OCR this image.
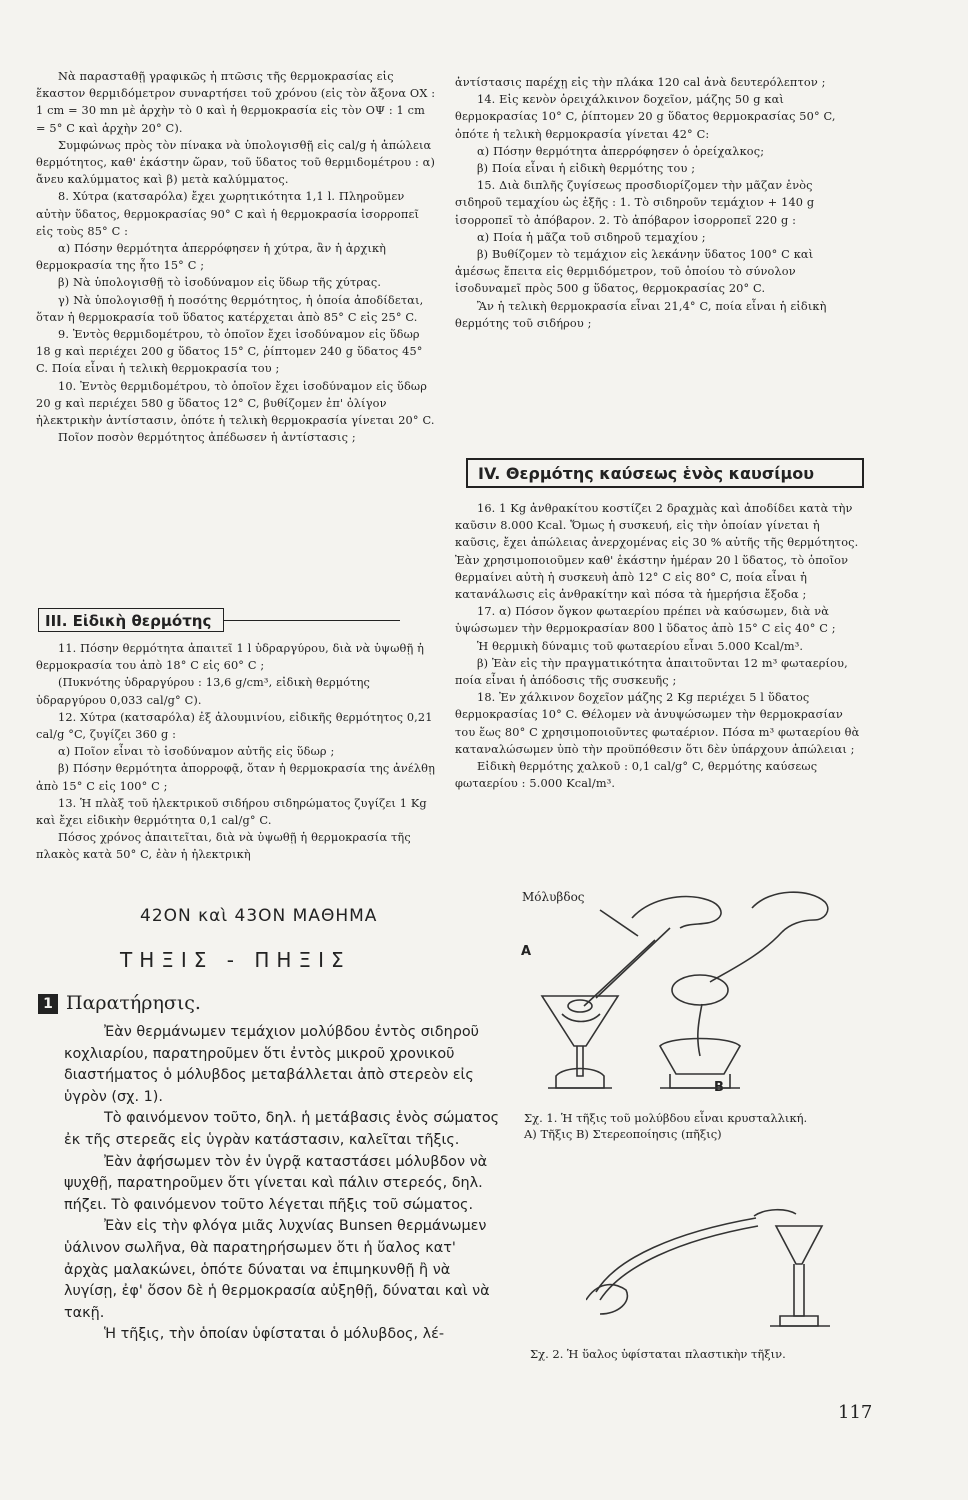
Νὰ παρασταθῇ γραφικῶς ἡ πτῶσις τῆς θερμοκρασίας εἰς ἕκαστον θερμιδόμετρον συναρτήσει τοῦ χρόνου (εἰς τὸν ἄξονα ΟΧ : 1 cm = 30 mn μὲ ἀρχὴν τὸ 0 καὶ ἡ θερμοκρασία εἰς τὸν ΟΨ : 1 cm = 5° C καὶ ἀρχὴν 20° C).

Συμφώνως πρὸς τὸν πίνακα νὰ ὑπολογισθῇ εἰς cal/g ἡ ἀπώλεια θερμότητος, καθ' ἑκάστην ὥραν, τοῦ ὕδατος τοῦ θερμιδομέτρου : α) ἄνευ καλύμματος καὶ β) μετὰ καλύμματος.

8. Χύτρα (κατσαρόλα) ἔχει χωρητικότητα 1,1 l. Πληροῦμεν αὐτὴν ὕδατος, θερμοκρασίας 90° C καὶ ἡ θερμοκρασία ἰσορροπεῖ εἰς τοὺς 85° C :

α) Πόσην θερμότητα ἀπερρόφησεν ἡ χύτρα, ἂν ἡ ἀρχικὴ θερμοκρασία της ἦτο 15° C ;

β) Νὰ ὑπολογισθῇ τὸ ἰσοδύναμον εἰς ὕδωρ τῆς χύτρας.

γ) Νὰ ὑπολογισθῇ ἡ ποσότης θερμότητος, ἡ ὁποία ἀποδίδεται, ὅταν ἡ θερμοκρασία τοῦ ὕδατος κατέρχεται ἀπὸ 85° C εἰς 25° C.

9. Ἐντὸς θερμιδομέτρου, τὸ ὁποῖον ἔχει ἰσοδύναμον εἰς ὕδωρ 18 g καὶ περιέχει 200 g ὕδατος 15° C, ῥίπτομεν 240 g ὕδατος 45° C. Ποία εἶναι ἡ τελικὴ θερμοκρασία του ;

10. Ἐντὸς θερμιδομέτρου, τὸ ὁποῖον ἔχει ἰσοδύναμον εἰς ὕδωρ 20 g καὶ περιέχει 580 g ὕδατος 12° C, βυθίζομεν ἐπ' ὀλίγον ἠλεκτρικὴν ἀντίστασιν, ὁπότε ἡ τελικὴ θερμοκρασία γίνεται 20° C.

Ποῖον ποσὸν θερμότητος ἀπέδωσεν ἡ ἀντίστασις ;

III. Εἰδικὴ θερμότης

11. Πόσην θερμότητα ἀπαιτεῖ 1 l ὑδραργύρου, διὰ νὰ ὑψωθῇ ἡ θερμοκρασία του ἀπὸ 18° C εἰς 60° C ;

(Πυκνότης ὑδραργύρου : 13,6 g/cm³, εἰδικὴ θερμότης ὑδραργύρου 0,033 cal/g° C).

12. Χύτρα (κατσαρόλα) ἐξ ἀλουμινίου, εἰδικῆς θερμότητος 0,21 cal/g °C, ζυγίζει 360 g :

α) Ποῖον εἶναι τὸ ἰσοδύναμον αὐτῆς εἰς ὕδωρ ;

β) Πόσην θερμότητα ἀπορροφᾷ, ὅταν ἡ θερμοκρασία της ἀνέλθῃ ἀπὸ 15° C εἰς 100° C ;

13. Ἡ πλὰξ τοῦ ἠλεκτρικοῦ σιδήρου σιδηρώματος ζυγίζει 1 Kg καὶ ἔχει εἰδικὴν θερμότητα 0,1 cal/g° C.

Πόσος χρόνος ἀπαιτεῖται, διὰ νὰ ὑψωθῇ ἡ θερμοκρασία τῆς πλακὸς κατὰ 50° C, ἐὰν ἡ ἠλεκτρικὴ

ἀντίστασις παρέχῃ εἰς τὴν πλάκα 120 cal ἀνὰ δευτερόλεπτον ;

14. Εἰς κενὸν ὀρειχάλκινον δοχεῖον, μάζης 50 g καὶ θερμοκρασίας 10° C, ῥίπτομεν 20 g ὕδατος θερμοκρασίας 50° C, ὁπότε ἡ τελικὴ θερμοκρασία γίνεται 42° C:

α) Πόσην θερμότητα ἀπερρόφησεν ὁ ὀρείχαλκος;

β) Ποία εἶναι ἡ εἰδικὴ θερμότης του ;

15. Διὰ διπλῆς ζυγίσεως προσδιορίζομεν τὴν μᾶζαν ἑνὸς σιδηροῦ τεμαχίου ὡς ἑξῆς : 1. Τὸ σιδηροῦν τεμάχιον + 140 g ἰσορροπεῖ τὸ ἀπόβαρον. 2. Τὸ ἀπόβαρον ἰσορροπεῖ 220 g :

α) Ποία ἡ μᾶζα τοῦ σιδηροῦ τεμαχίου ;

β) Βυθίζομεν τὸ τεμάχιον εἰς λεκάνην ὕδατος 100° C καὶ ἀμέσως ἔπειτα εἰς θερμιδόμετρον, τοῦ ὁποίου τὸ σύνολον ἰσοδυναμεῖ πρὸς 500 g ὕδατος, θερμοκρασίας 20° C.

Ἂν ἡ τελικὴ θερμοκρασία εἶναι 21,4° C, ποία εἶναι ἡ εἰδικὴ θερμότης τοῦ σιδήρου ;

IV. Θερμότης καύσεως ἑνὸς καυσίμου

16. 1 Kg ἀνθρακίτου κοστίζει 2 δραχμὰς καὶ ἀποδίδει κατὰ τὴν καῦσιν 8.000 Kcal. Ὅμως ἡ συσκευή, εἰς τὴν ὁποίαν γίνεται ἡ καῦσις, ἔχει ἀπώλειας ἀνερχομένας εἰς 30 % αὐτῆς τῆς θερμότητος. Ἐὰν χρησιμοποιοῦμεν καθ' ἑκάστην ἡμέραν 20 l ὕδατος, τὸ ὁποῖον θερμαίνει αὐτὴ ἡ συσκευὴ ἀπὸ 12° C εἰς 80° C, ποία εἶναι ἡ κατανάλωσις εἰς ἀνθρακίτην καὶ πόσα τὰ ἡμερήσια ἔξοδα ;

17. α) Πόσον ὄγκον φωταερίου πρέπει νὰ καύσωμεν, διὰ νὰ ὑψώσωμεν τὴν θερμοκρασίαν 800 l ὕδατος ἀπὸ 15° C εἰς 40° C ;

Ἡ θερμικὴ δύναμις τοῦ φωταερίου εἶναι 5.000 Kcal/m³.

β) Ἐὰν εἰς τὴν πραγματικότητα ἀπαιτοῦνται 12 m³ φωταερίου, ποία εἶναι ἡ ἀπόδοσις τῆς συσκευῆς ;

18. Ἐν χάλκινον δοχεῖον μάζης 2 Kg περιέχει 5 l ὕδατος θερμοκρασίας 10° C. Θέλομεν νὰ ἀνυψώσωμεν τὴν θερμοκρασίαν του ἕως 80° C χρησιμοποιοῦντες φωταέριον. Πόσα m³ φωταερίου θὰ καταναλώσωμεν ὑπὸ τὴν προϋπόθεσιν ὅτι δὲν ὑπάρχουν ἀπώλειαι ;

Εἰδικὴ θερμότης χαλκοῦ : 0,1 cal/g° C, θερμότης καύσεως φωταερίου : 5.000 Kcal/m³.

42ΟΝ καὶ 43ΟΝ ΜΑΘΗΜΑ
ΤΗΞΙΣ - ΠΗΞΙΣ
1 Παρατήρησις.

Ἐὰν θερμάνωμεν τεμάχιον μολύβδου ἐντὸς σιδηροῦ κοχλιαρίου, παρατηροῦμεν ὅτι ἐντὸς μικροῦ χρονικοῦ διαστήματος ὁ μόλυβδος μεταβάλλεται ἀπὸ στερεὸν εἰς ὑγρὸν (σχ. 1).

Τὸ φαινόμενον τοῦτο, δηλ. ἡ μετάβασις ἑνὸς σώματος ἐκ τῆς στερεᾶς εἰς ὑγρὰν κατάστασιν, καλεῖται τῆξις.

Ἐὰν ἀφήσωμεν τὸν ἐν ὑγρᾷ καταστάσει μόλυβδον νὰ ψυχθῇ, παρατηροῦμεν ὅτι γίνεται καὶ πάλιν στερεός, δηλ. πήζει. Τὸ φαινόμενον τοῦτο λέγεται πῆξις τοῦ σώματος.

Ἐὰν εἰς τὴν φλόγα μιᾶς λυχνίας Bunsen θερμάνωμεν ὑάλινον σωλῆνα, θὰ παρατηρήσωμεν ὅτι ἡ ὕαλος κατ' ἀρχὰς μαλακώνει, ὁπότε δύναται να ἐπιμηκυνθῇ ἢ νὰ λυγίσῃ, ἐφ' ὅσον δὲ ἡ θερμοκρασία αὐξηθῇ, δύναται καὶ νὰ τακῇ.

Ἡ τῆξις, τὴν ὁποίαν ὑφίσταται ὁ μόλυβδος, λέ-

Μόλυβδος
A
B
Σχ. 1. Ἡ τῆξις τοῦ μολύβδου εἶναι κρυσταλλική.
Α) Τῆξις Β) Στερεοποίησις (πῆξις)
Σχ. 2. Ἡ ὕαλος ὑφίσταται πλαστικὴν τῆξιν.
117
